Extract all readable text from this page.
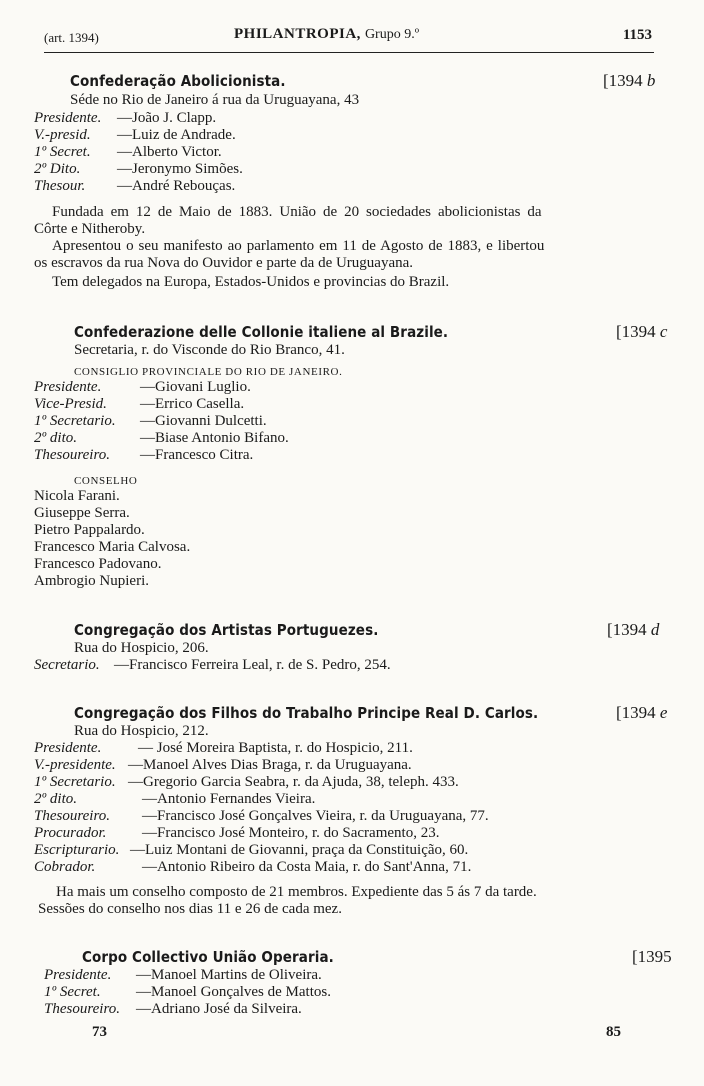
(art. 1394)	PHILANTROPIA, Grupo 9.º	1153
Confederação Abolicionista.	[1394 b
Séde no Rio de Janeiro á rua da Uruguayana, 43
Presidente. —João J. Clapp.
V.-presid. —Luiz de Andrade.
1º Secret. —Alberto Victor.
2º Dito. —Jeronymo Simões.
Thesour. —André Rebouças.
Fundada em 12 de Maio de 1883. União de 20 sociedades abolicionistas da
Côrte e Nitheroby.
Apresentou o seu manifesto ao parlamento em 11 de Agosto de 1883, e libertou
os escravos da rua Nova do Ouvidor e parte da de Uruguayana.
Tem delegados na Europa, Estados-Unidos e provincias do Brazil.
Confederazione delle Collonie italiene al Brazile.	[1394 c
Secretaria, r. do Visconde do Rio Branco, 41.
CONSIGLIO PROVINCIALE DO RIO DE JANEIRO.
Presidente.	—Giovani Luglio.
Vice-Presid. —Errico Casella.
1º Secretario. —Giovanni Dulcetti.
2º dito.	—Biase Antonio Bifano.
Thesoureiro. —Francesco Citra.
CONSELHO
Nicola Farani.
Giuseppe Serra.
Pietro Pappalardo.
Francesco Maria Calvosa.
Francesco Padovano.
Ambrogio Nupieri.
Congregação dos Artistas Portuguezes.	[1394 d
Rua do Hospicio, 206.
Secretario. —Francisco Ferreira Leal, r. de S. Pedro, 254.
Congregação dos Filhos do Trabalho Principe Real D. Carlos.	[1394 e
Rua do Hospicio, 212.
Presidente. — José Moreira Baptista, r. do Hospicio, 211.
V.-presidente. —Manoel Alves Dias Braga, r. da Uruguayana.
1º Secretario. —Gregorio Garcia Seabra, r. da Ajuda, 38, teleph. 433.
2º dito.	—Antonio Fernandes Vieira.
Thesoureiro. —Francisco José Gonçalves Vieira, r. da Uruguayana, 77.
Procurador. —Francisco José Monteiro, r. do Sacramento, 23.
Escripturario. —Luiz Montani de Giovanni, praça da Constituição, 60.
Cobrador.	—Antonio Ribeiro da Costa Maia, r. do Sant'Anna, 71.
Ha mais um conselho composto de 21 membros. Expediente das 5 ás 7 da tarde.
Sessões do conselho nos dias 11 e 26 de cada mez.
Corpo Collectivo União Operaria.	[1395
Presidente. —Manoel Martins de Oliveira.
1º Secret. —Manoel Gonçalves de Mattos.
Thesoureiro. —Adriano José da Silveira.
73	85
